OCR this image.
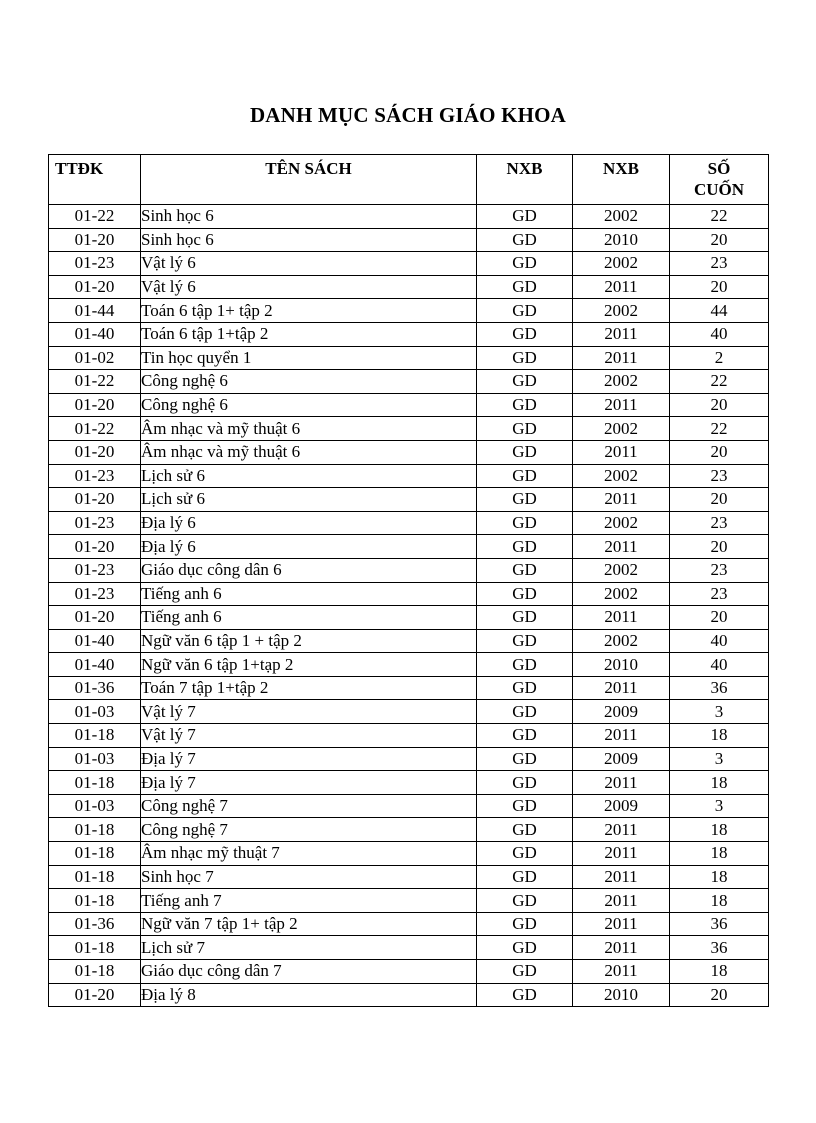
DANH MỤC SÁCH GIÁO KHOA
TTĐK	TÊN SÁCH	NXB	NXB	SỐ
CUỐN
01-22	Sinh học 6	GD	2002	22
01-20	Sinh học 6	GD	2010	20
01-23	Vật lý 6	GD	2002	23
01-20	Vật lý 6	GD	2011	20
01-44	Toán 6 tập 1+ tập 2	GD	2002	44
01-40	Toán 6 tập 1+tập 2	GD	2011	40
01-02	Tin học quyển 1	GD	2011	2
01-22	Công nghệ 6	GD	2002	22
01-20	Công nghệ 6	GD	2011	20
01-22	Âm nhạc và mỹ thuật 6	GD	2002	22
01-20	Âm nhạc và mỹ thuật 6	GD	2011	20
01-23	Lịch sử 6	GD	2002	23
01-20	Lịch sử 6	GD	2011	20
01-23	Địa lý 6	GD	2002	23
01-20	Địa lý 6	GD	2011	20
01-23	Giáo dục công dân 6	GD	2002	23
01-23	Tiếng anh 6	GD	2002	23
01-20	Tiếng anh 6	GD	2011	20
01-40	Ngữ văn 6 tập 1 + tập 2	GD	2002	40
01-40	Ngữ văn 6 tập 1+tạp 2	GD	2010	40
01-36	Toán 7 tập 1+tập 2	GD	2011	36
01-03	Vật lý 7	GD	2009	3
01-18	Vật lý 7	GD	2011	18
01-03	Địa lý 7	GD	2009	3
01-18	Địa lý 7	GD	2011	18
01-03	Công nghệ 7	GD	2009	3
01-18	Công nghệ 7	GD	2011	18
01-18	Âm nhạc mỹ thuật 7	GD	2011	18
01-18	Sinh học 7	GD	2011	18
01-18	Tiếng anh 7	GD	2011	18
01-36	Ngữ văn 7 tập 1+ tập 2	GD	2011	36
01-18	Lịch sử 7	GD	2011	36
01-18	Giáo dục công dân 7	GD	2011	18
01-20	Địa lý 8	GD	2010	20
